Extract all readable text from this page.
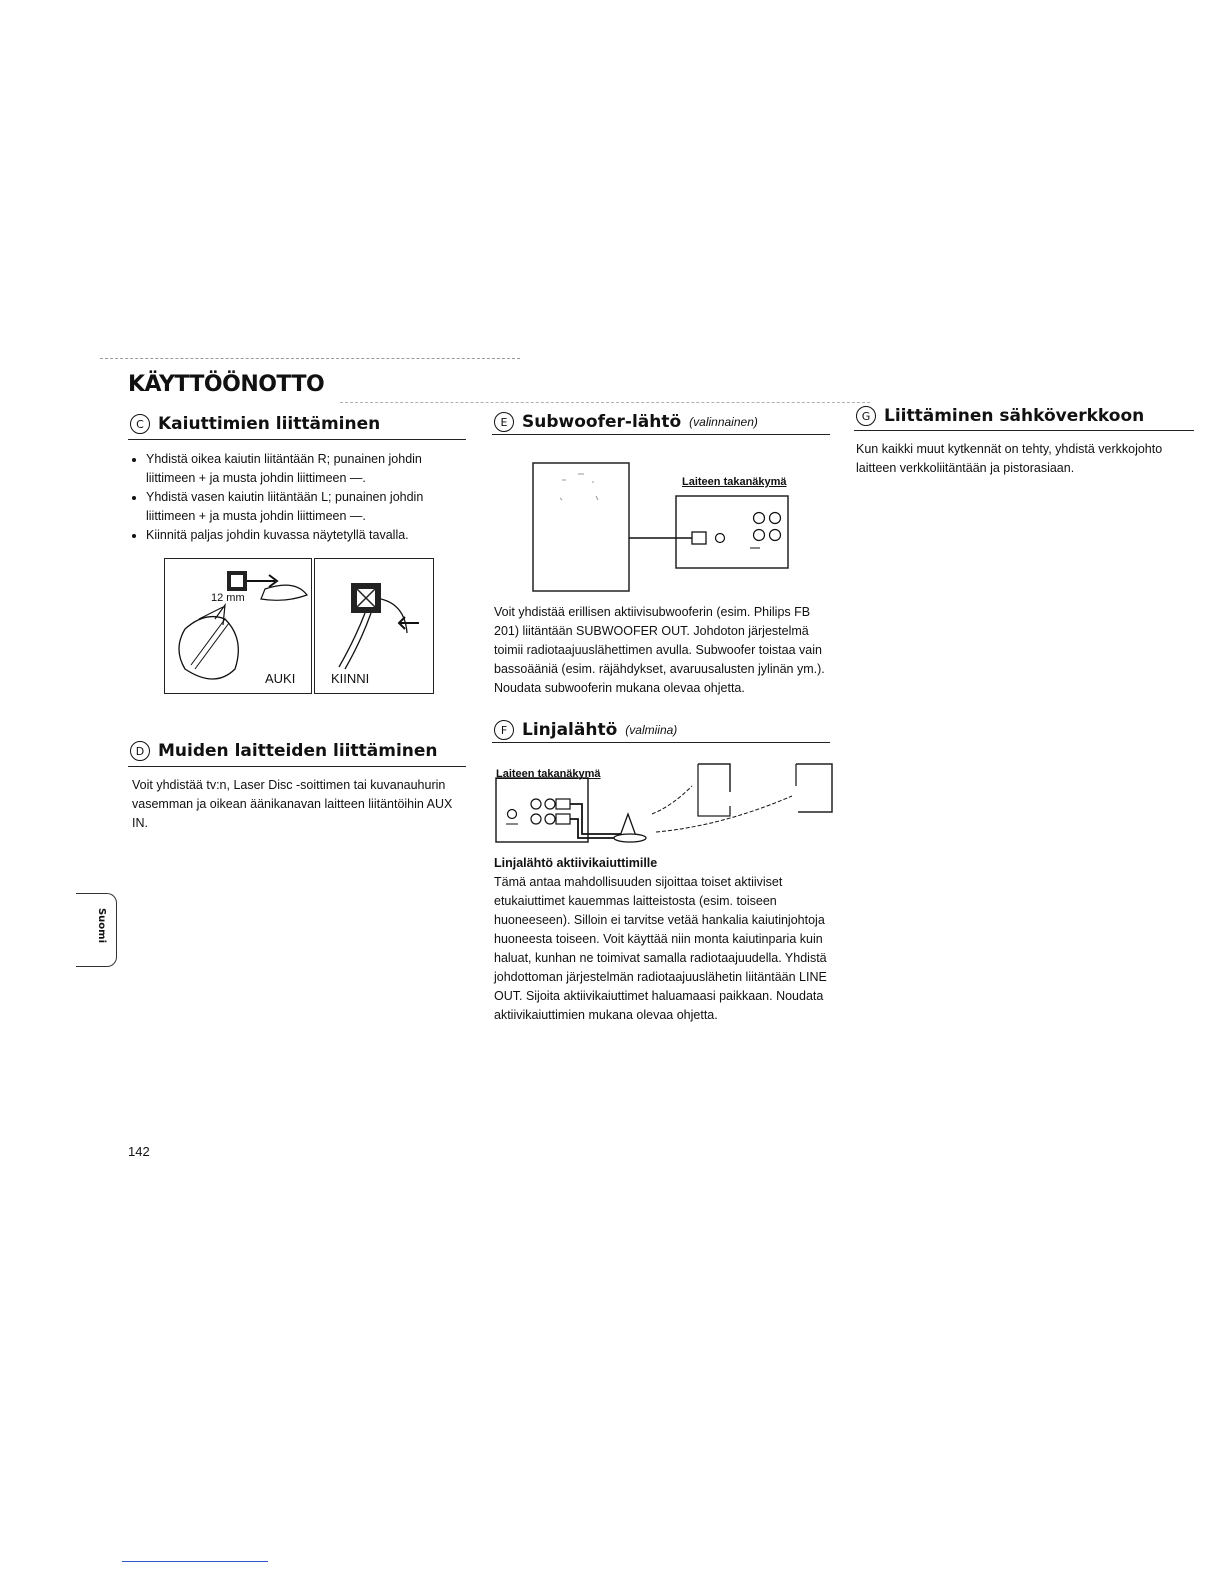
KÄYTTÖÖNOTTO
C Kaiuttimien liittäminen
• Yhdistä oikea kaiutin liitäntään R; punainen johdin liittimeen + ja musta johdin liittimeen —.
• Yhdistä vasen kaiutin liitäntään L; punainen johdin liittimeen + ja musta johdin liittimeen —.
• Kiinnitä paljas johdin kuvassa näytetyllä tavalla.
12 mm
AUKI	KIINNI
D Muiden laitteiden liittäminen
Voit yhdistää tv:n, Laser Disc -soittimen tai kuvanauhurin vasemman ja oikean äänikanavan laitteen liitäntöihin AUX IN.
E Subwoofer-lähtö (valinnainen)
Laiteen takanäkymä
Voit yhdistää erillisen aktiivisubwooferin (esim. Philips FB 201) liitäntään SUBWOOFER OUT. Johdoton järjestelmä toimii radiotaajuuslähettimen avulla. Subwoofer toistaa vain bassoääniä (esim. räjähdykset, avaruusalusten jylinän ym.). Noudata subwooferin mukana olevaa ohjetta.
F Linjalähtö (valmiina)
Laiteen takanäkymä
Linjalähtö aktiivikaiuttimille
Tämä antaa mahdollisuuden sijoittaa toiset aktiiviset etukaiuttimet kauemmas laitteistosta (esim. toiseen huoneeseen). Silloin ei tarvitse vetää hankalia kaiutinjohtoja huoneesta toiseen. Voit käyttää niin monta kaiutinparia kuin haluat, kunhan ne toimivat samalla radiotaajuudella. Yhdistä johdottoman järjestelmän radiotaajuuslähetin liitäntään LINE OUT. Sijoita aktiivikaiuttimet haluamaasi paikkaan. Noudata aktiivikaiuttimien mukana olevaa ohjetta.
G Liittäminen sähköverkkoon
Kun kaikki muut kytkennät on tehty, yhdistä verkkojohto laitteen verkkoliitäntään ja pistorasiaan.
Suomi
142
